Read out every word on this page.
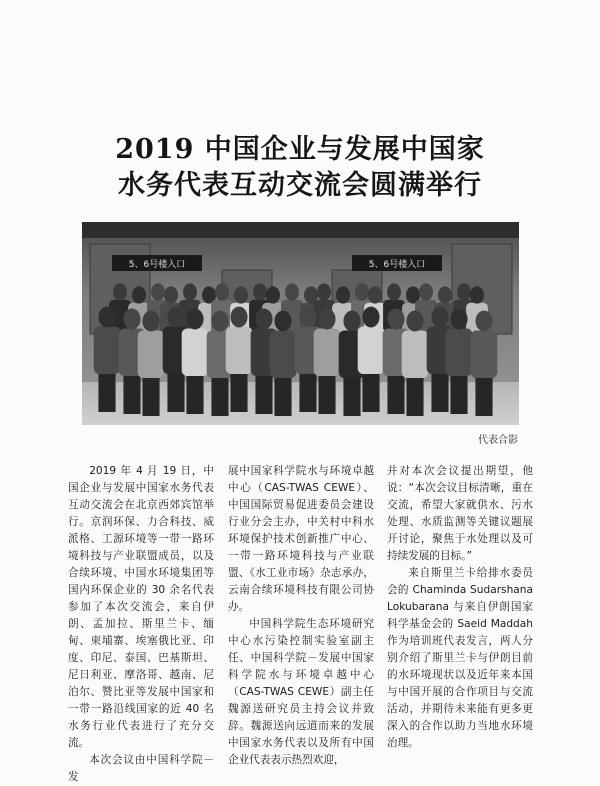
2019 中国企业与发展中国家
水务代表互动交流会圆满举行
5、6号楼入口	5、6号楼入口
代表合影

2019 年 4 月 19 日，中国企业与发展中国家水务代表互动交流会在北京西郊宾馆举行。京润环保、力合科技、威派格、工源环境等一带一路环境科技与产业联盟成员，以及合续环境、中国水环境集团等国内环保企业的 30 余名代表参加了本次交流会，来自伊朗、孟加拉、斯里兰卡、缅甸、柬埔寨、埃塞俄比亚、印度、印尼、泰国、巴基斯坦、尼日利亚、摩洛哥、越南、尼泊尔、赞比亚等发展中国家和一带一路沿线国家的近 40 名水务行业代表进行了充分交流。

本次会议由中国科学院－发

展中国家科学院水与环境卓越中心（CAS-TWAS CEWE）、中国国际贸易促进委员会建设行业分会主办，中关村中科水环境保护技术创新推广中心、一带一路环境科技与产业联盟、《水工业市场》杂志承办，云南合续环境科技有限公司协办。

中国科学院生态环境研究中心水污染控制实验室副主任、中国科学院－发展中国家科学院水与环境卓越中心（CAS-TWAS CEWE）副主任魏源送研究员主持会议并致辞。魏源送向远道而来的发展中国家水务代表以及所有中国企业代表表示热烈欢迎，

并对本次会议提出期望，他说：“本次会议目标清晰，重在交流，希望大家就供水、污水处理、水质监测等关键议题展开讨论，聚焦于水处理以及可持续发展的目标。”

来自斯里兰卡给排水委员会的 Chaminda Sudarshana Lokubarana 与来自伊朗国家科学基金会的 Saeid Maddah 作为培训班代表发言，两人分别介绍了斯里兰卡与伊朗目前的水环境现状以及近年来本国与中国开展的合作项目与交流活动，并期待未来能有更多更深入的合作以助力当地水环境治理。
